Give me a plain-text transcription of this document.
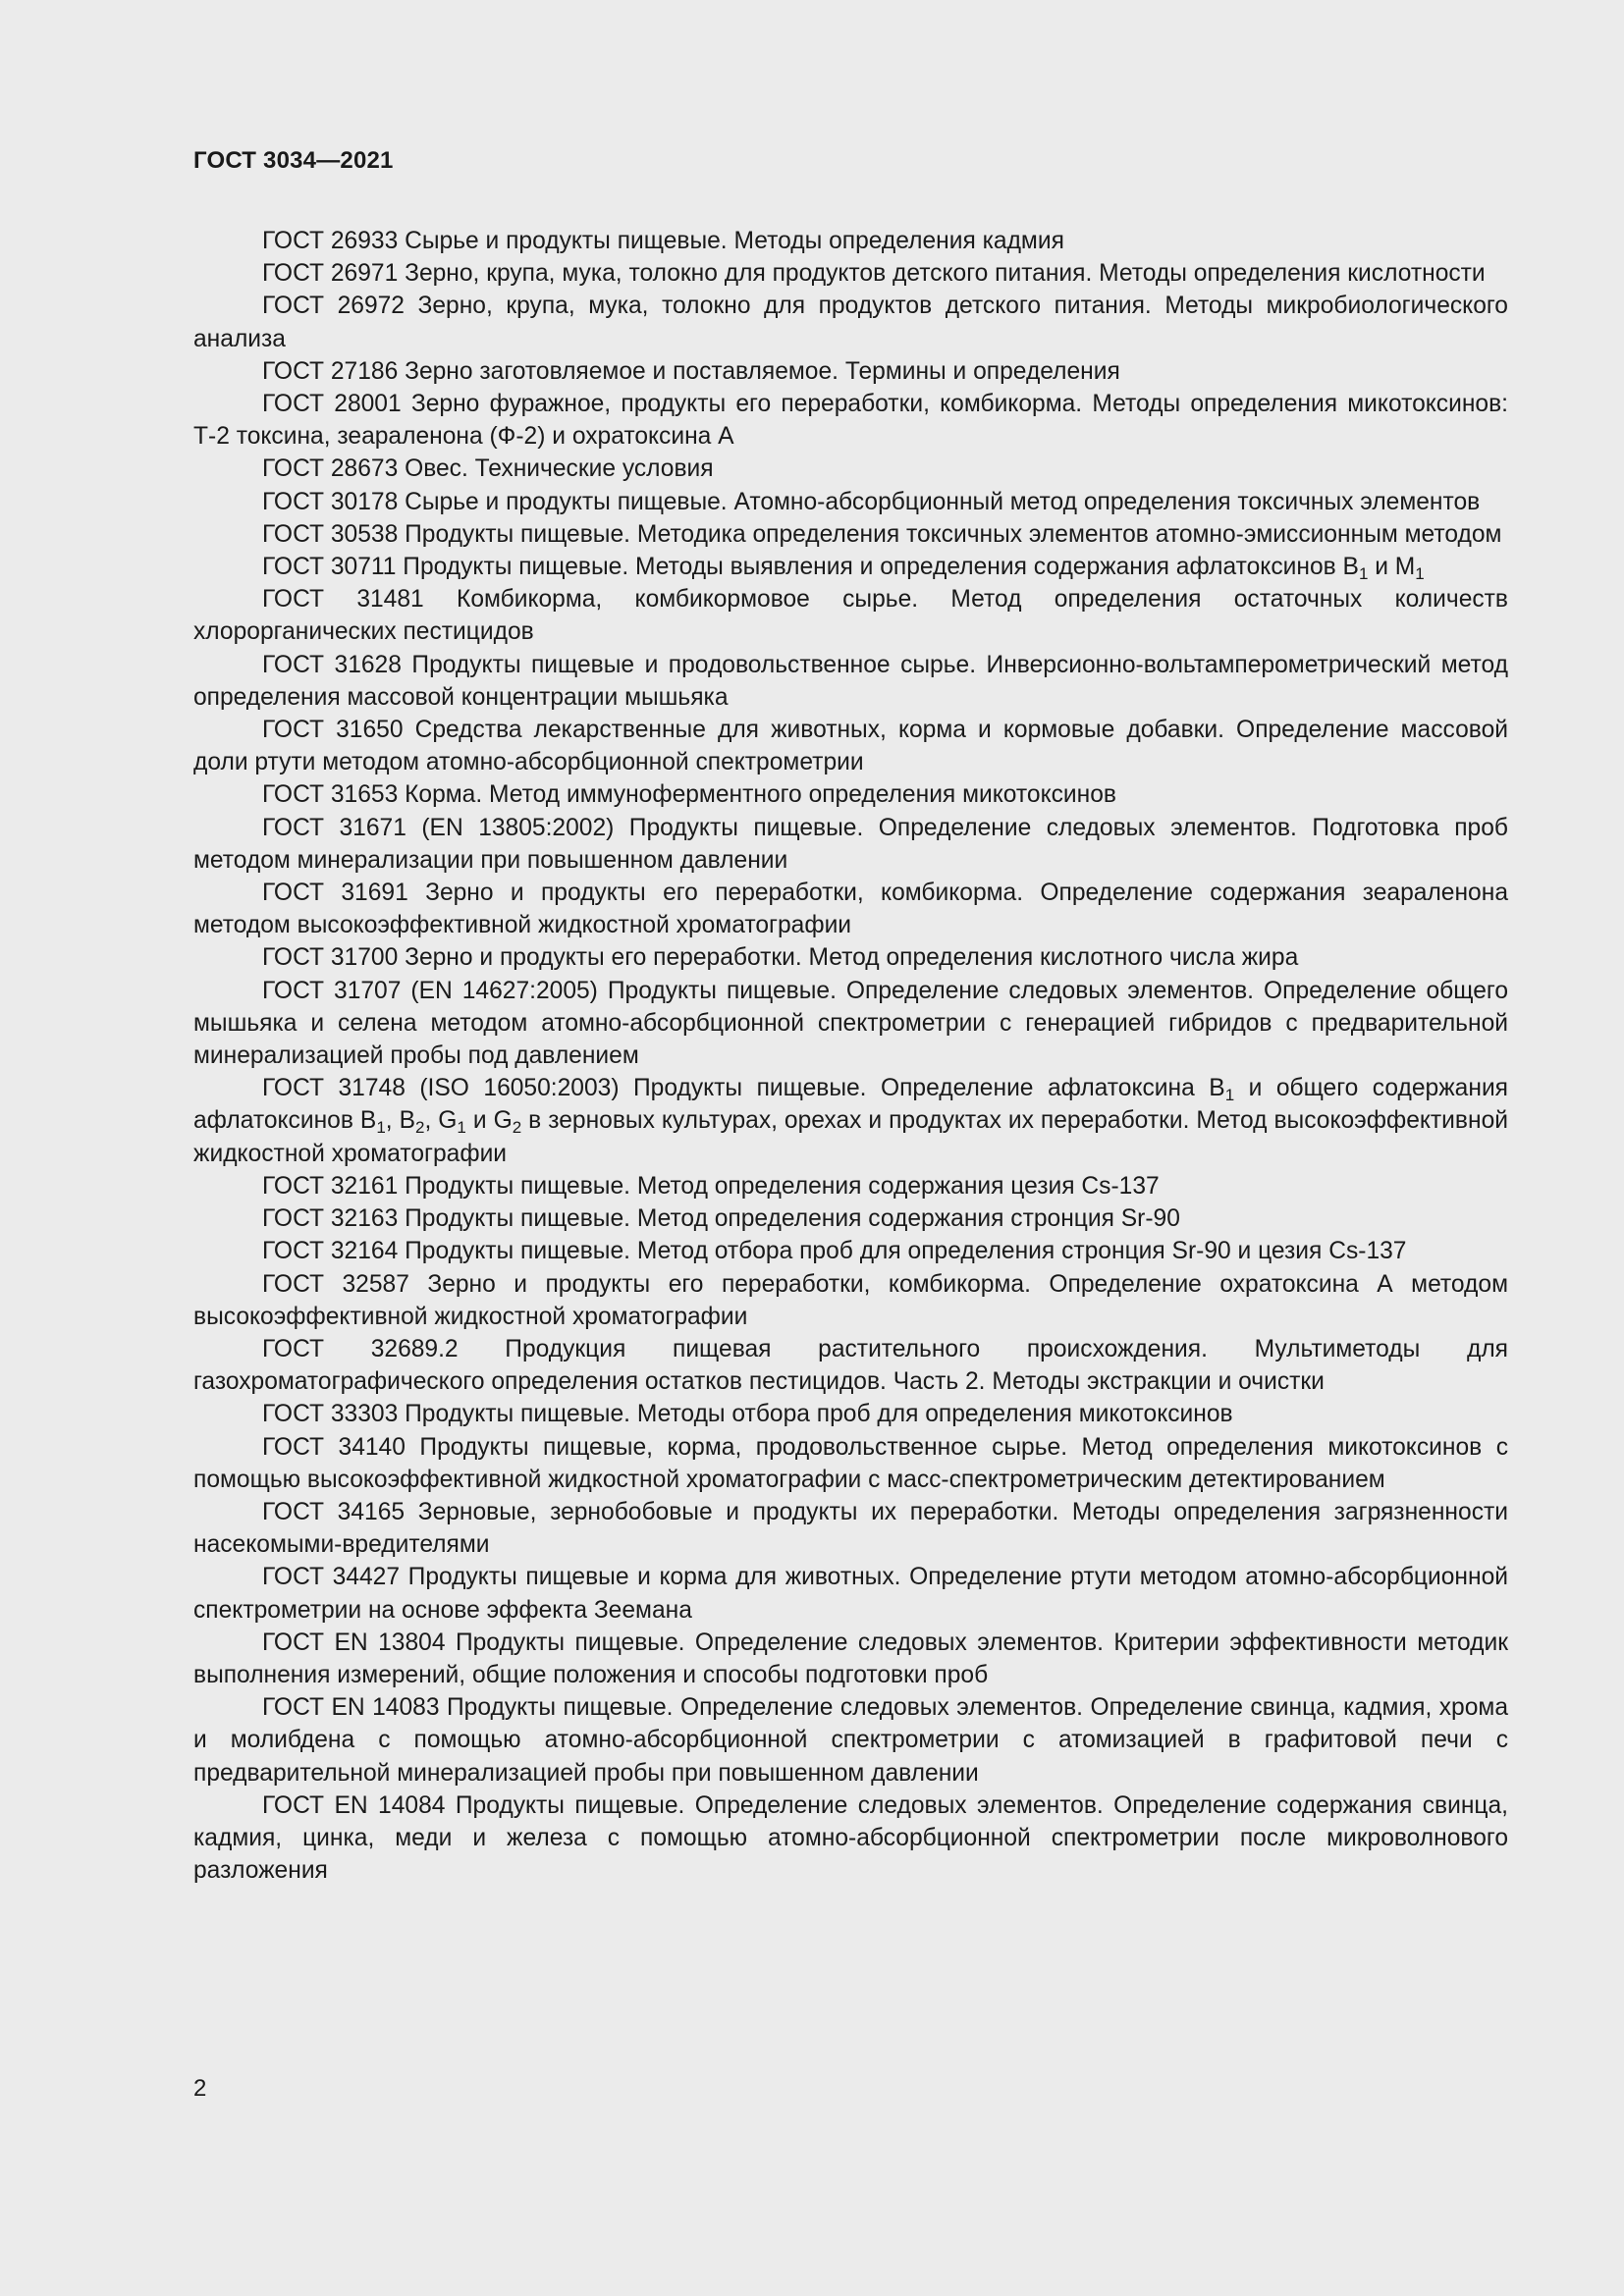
ГОСТ 3034—2021

ГОСТ 26933 Сырье и продукты пищевые. Методы определения кадмия

ГОСТ 26971 Зерно, крупа, мука, толокно для продуктов детского питания. Методы определения кислотности

ГОСТ 26972 Зерно, крупа, мука, толокно для продуктов детского питания. Методы микробиологического анализа

ГОСТ 27186 Зерно заготовляемое и поставляемое. Термины и определения

ГОСТ 28001 Зерно фуражное, продукты его переработки, комбикорма. Методы определения микотоксинов: Т-2 токсина, зеараленона (Ф-2) и охратоксина А

ГОСТ 28673 Овес. Технические условия

ГОСТ 30178 Сырье и продукты пищевые. Атомно-абсорбционный метод определения токсичных элементов

ГОСТ 30538 Продукты пищевые. Методика определения токсичных элементов атомно-эмиссионным методом

ГОСТ 30711 Продукты пищевые. Методы выявления и определения содержания афлатоксинов $В_1$ и $М_1$

ГОСТ 31481 Комбикорма, комбикормовое сырье. Метод определения остаточных количеств хлорорганических пестицидов

ГОСТ 31628 Продукты пищевые и продовольственное сырье. Инверсионно-вольтамперометрический метод определения массовой концентрации мышьяка

ГОСТ 31650 Средства лекарственные для животных, корма и кормовые добавки. Определение массовой доли ртути методом атомно-абсорбционной спектрометрии

ГОСТ 31653 Корма. Метод иммуноферментного определения микотоксинов

ГОСТ 31671 (EN 13805:2002) Продукты пищевые. Определение следовых элементов. Подготовка проб методом минерализации при повышенном давлении

ГОСТ 31691 Зерно и продукты его переработки, комбикорма. Определение содержания зеараленона методом высокоэффективной жидкостной хроматографии

ГОСТ 31700 Зерно и продукты его переработки. Метод определения кислотного числа жира

ГОСТ 31707 (EN 14627:2005) Продукты пищевые. Определение следовых элементов. Определение общего мышьяка и селена методом атомно-абсорбционной спектрометрии с генерацией гибридов с предварительной минерализацией пробы под давлением

ГОСТ 31748 (ISO 16050:2003) Продукты пищевые. Определение афлатоксина $В_1$ и общего содержания афлатоксинов $В_1$, $В_2$, $G_1$ и $G_2$ в зерновых культурах, орехах и продуктах их переработки. Метод высокоэффективной жидкостной хроматографии

ГОСТ 32161 Продукты пищевые. Метод определения содержания цезия Cs-137

ГОСТ 32163 Продукты пищевые. Метод определения содержания стронция Sr-90

ГОСТ 32164 Продукты пищевые. Метод отбора проб для определения стронция Sr-90 и цезия Cs-137

ГОСТ 32587 Зерно и продукты его переработки, комбикорма. Определение охратоксина А методом высокоэффективной жидкостной хроматографии

ГОСТ 32689.2 Продукция пищевая растительного происхождения. Мультиметоды для газохроматографического определения остатков пестицидов. Часть 2. Методы экстракции и очистки

ГОСТ 33303 Продукты пищевые. Методы отбора проб для определения микотоксинов

ГОСТ 34140 Продукты пищевые, корма, продовольственное сырье. Метод определения микотоксинов с помощью высокоэффективной жидкостной хроматографии с масс-спектрометрическим детектированием

ГОСТ 34165 Зерновые, зернобобовые и продукты их переработки. Методы определения загрязненности насекомыми-вредителями

ГОСТ 34427 Продукты пищевые и корма для животных. Определение ртути методом атомно-абсорбционной спектрометрии на основе эффекта Зеемана

ГОСТ EN 13804 Продукты пищевые. Определение следовых элементов. Критерии эффективности методик выполнения измерений, общие положения и способы подготовки проб

ГОСТ EN 14083 Продукты пищевые. Определение следовых элементов. Определение свинца, кадмия, хрома и молибдена с помощью атомно-абсорбционной спектрометрии с атомизацией в графитовой печи с предварительной минерализацией пробы при повышенном давлении

ГОСТ EN 14084 Продукты пищевые. Определение следовых элементов. Определение содержания свинца, кадмия, цинка, меди и железа с помощью атомно-абсорбционной спектрометрии после микроволнового разложения

2
